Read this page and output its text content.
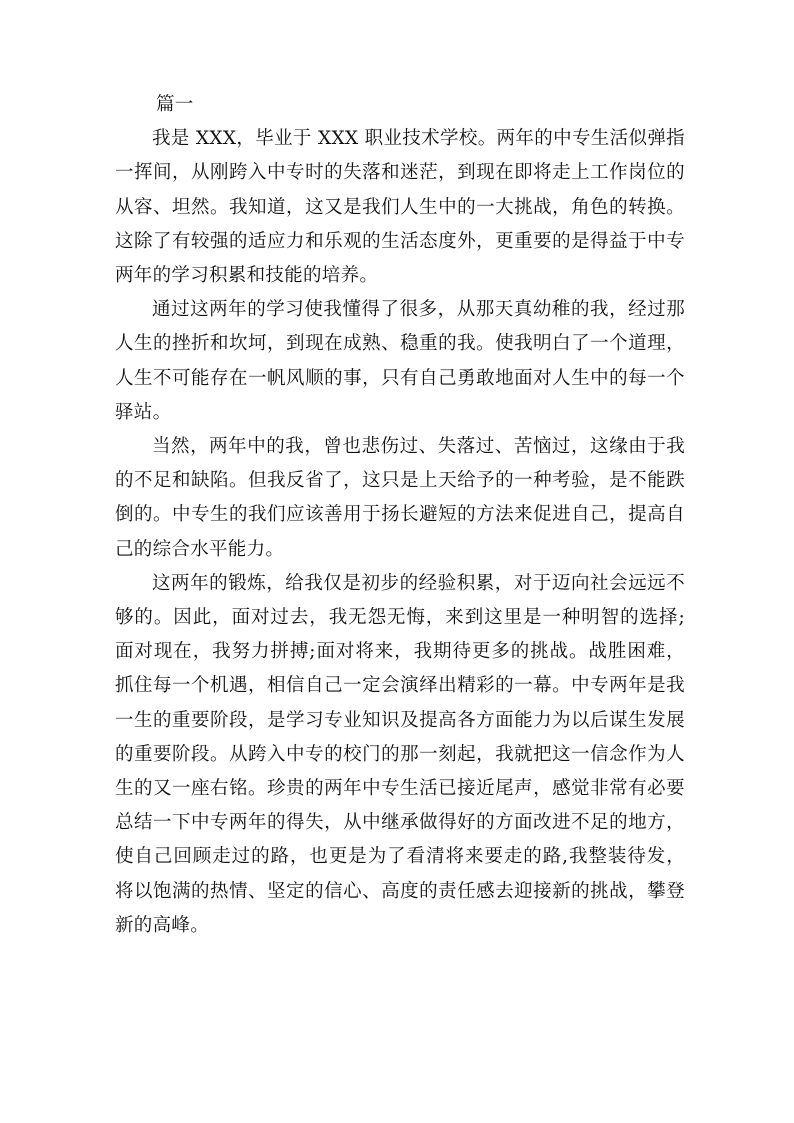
篇一

我是 XXX，毕业于 XXX 职业技术学校。两年的中专生活似弹指一挥间，从刚跨入中专时的失落和迷茫，到现在即将走上工作岗位的从容、坦然。我知道，这又是我们人生中的一大挑战，角色的转换。这除了有较强的适应力和乐观的生活态度外，更重要的是得益于中专两年的学习积累和技能的培养。

通过这两年的学习使我懂得了很多，从那天真幼稚的我，经过那人生的挫折和坎坷，到现在成熟、稳重的我。使我明白了一个道理，人生不可能存在一帆风顺的事，只有自己勇敢地面对人生中的每一个驿站。

当然，两年中的我，曾也悲伤过、失落过、苦恼过，这缘由于我的不足和缺陷。但我反省了，这只是上天给予的一种考验，是不能跌倒的。中专生的我们应该善用于扬长避短的方法来促进自己，提高自己的综合水平能力。

这两年的锻炼，给我仅是初步的经验积累，对于迈向社会远远不够的。因此，面对过去，我无怨无悔，来到这里是一种明智的选择;面对现在，我努力拼搏;面对将来，我期待更多的挑战。战胜困难，抓住每一个机遇，相信自己一定会演绎出精彩的一幕。中专两年是我一生的重要阶段，是学习专业知识及提高各方面能力为以后谋生发展的重要阶段。从跨入中专的校门的那一刻起，我就把这一信念作为人生的又一座右铭。珍贵的两年中专生活已接近尾声，感觉非常有必要总结一下中专两年的得失，从中继承做得好的方面改进不足的地方，使自己回顾走过的路，也更是为了看清将来要走的路,我整装待发，将以饱满的热情、坚定的信心、高度的责任感去迎接新的挑战，攀登新的高峰。
